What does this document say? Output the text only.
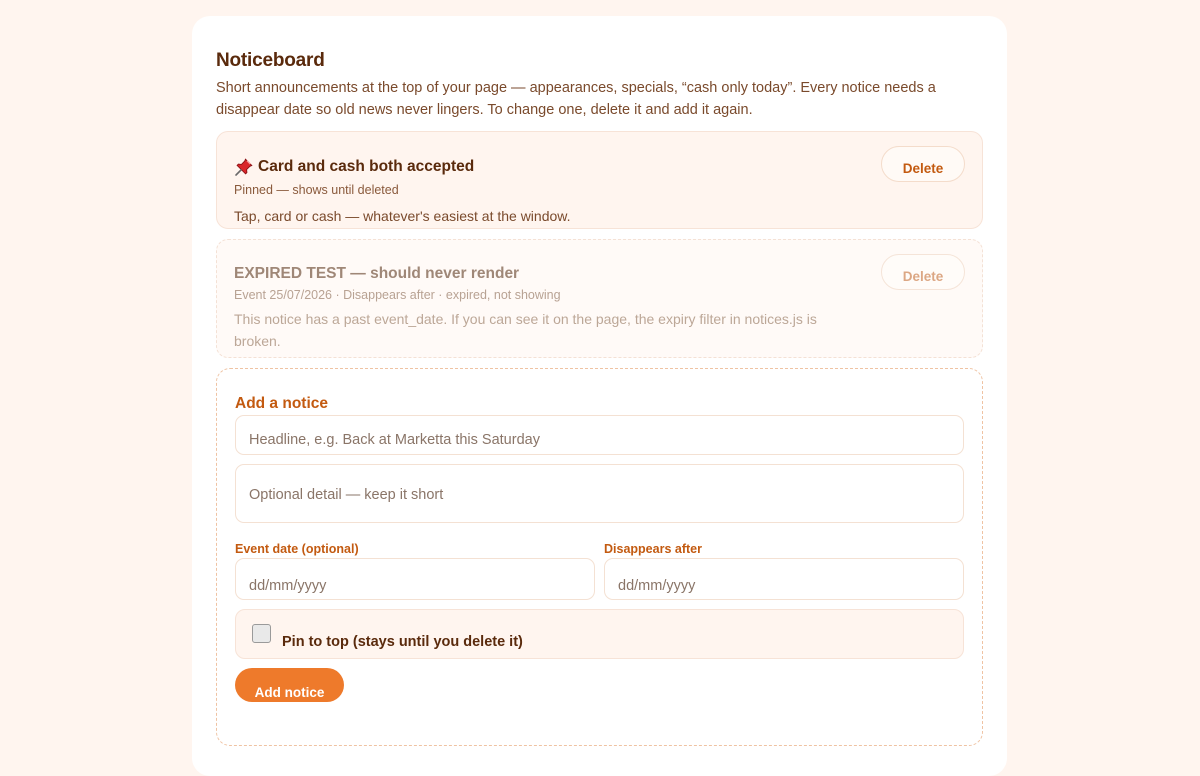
Noticeboard

Short announcements at the top of your page — appearances, specials, “cash only today”. Every notice needs a disappear date so old news never lingers. To change one, delete it and add it again.

Card and cash both accepted
Pinned — shows until deleted
Tap, card or cash — whatever's easiest at the window.
Delete
EXPIRED TEST — should never render
Event 25/07/2026 · Disappears after · expired, not showing
This notice has a past event_date. If you can see it on the page, the expiry filter in notices.js is broken.
Delete
Add a notice
Headline, e.g. Back at Marketta this Saturday
Optional detail — keep it short
Event date (optional)
dd/mm/yyyy	Disappears after
dd/mm/yyyy
Pin to top (stays until you delete it)
Add notice
